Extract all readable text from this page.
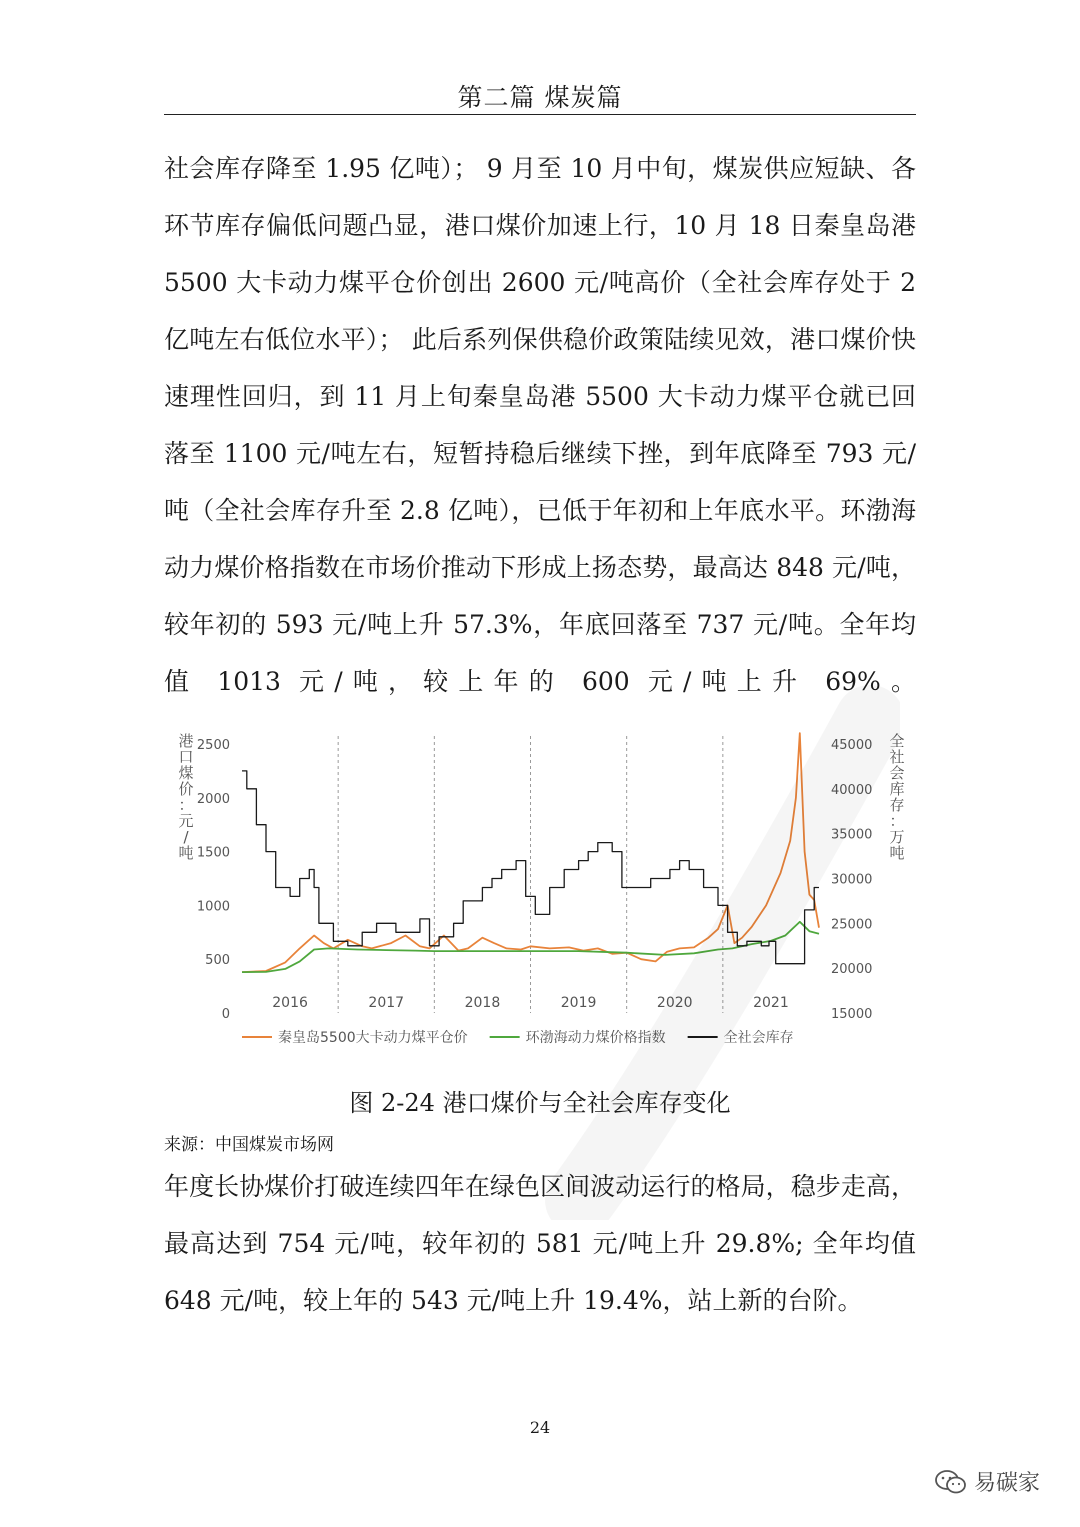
第二篇 煤炭篇

社会库存降至 1.95 亿吨）； 9 月至 10 月中旬，煤炭供应短缺、各环节库存偏低问题凸显，港口煤价加速上行，10 月 18 日秦皇岛港 5500 大卡动力煤平仓价创出 2600 元/吨高价（全社会库存处于 2 亿吨左右低位水平）； 此后系列保供稳价政策陆续见效，港口煤价快速理性回归，到 11 月上旬秦皇岛港 5500 大卡动力煤平仓就已回落至 1100 元/吨左右，短暂持稳后继续下挫，到年底降至 793 元/吨（全社会库存升至 2.8 亿吨），已低于年初和上年底水平。环渤海动力煤价格指数在市场价推动下形成上扬态势，最高达 848 元/吨，较年初的 593 元/吨上升 57.3%，年底回落至 737 元/吨。全年均值 1013 元/吨，较上年的 600 元/吨上升 69%。

0
500
1000
1500
2000
2500
15000
20000
25000
30000
35000
40000
45000
2016	2017	2018	2019	2020	2021
港口煤价：元/吨
全社会库存：万吨
秦皇岛5500大卡动力煤平仓价	环渤海动力煤价格指数	全社会库存
图 2-24 港口煤价与全社会库存变化
来源：中国煤炭市场网

年度长协煤价打破连续四年在绿色区间波动运行的格局，稳步走高，最高达到 754 元/吨，较年初的 581 元/吨上升 29.8%; 全年均值 648 元/吨，较上年的 543 元/吨上升 19.4%，站上新的台阶。

24
易碳家
